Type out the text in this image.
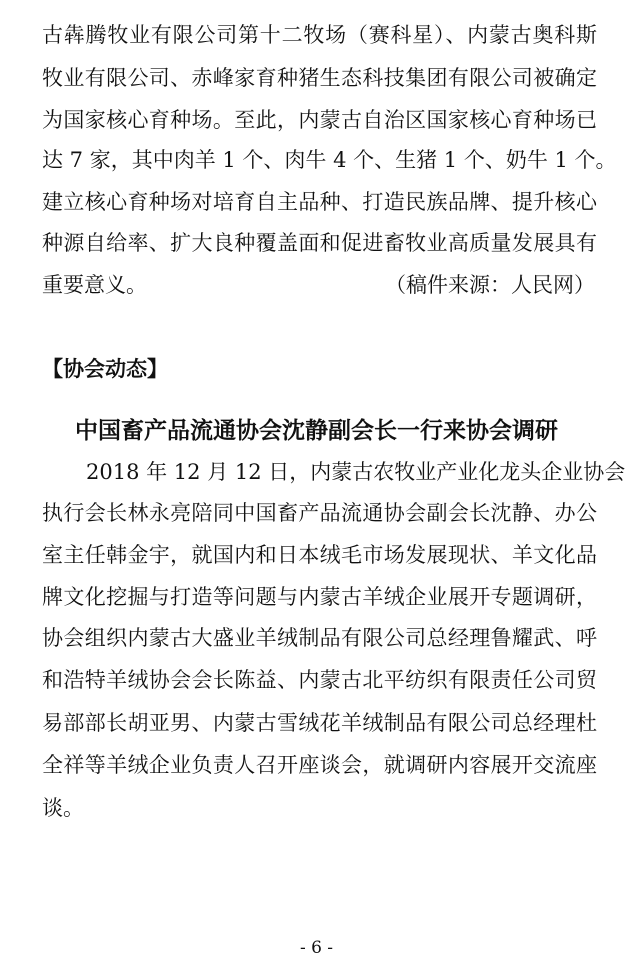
古犇腾牧业有限公司第十二牧场（赛科星）、内蒙古奥科斯
牧业有限公司、赤峰家育种猪生态科技集团有限公司被确定
为国家核心育种场。至此，内蒙古自治区国家核心育种场已
达 7 家，其中肉羊 1 个、肉牛 4 个、生猪 1 个、奶牛 1 个。
建立核心育种场对培育自主品种、打造民族品牌、提升核心
种源自给率、扩大良种覆盖面和促进畜牧业高质量发展具有
重要意义。	（稿件来源：人民网）
【协会动态】
中国畜产品流通协会沈静副会长一行来协会调研
2018 年 12 月 12 日，内蒙古农牧业产业化龙头企业协会
执行会长林永亮陪同中国畜产品流通协会副会长沈静、办公
室主任韩金宇，就国内和日本绒毛市场发展现状、羊文化品
牌文化挖掘与打造等问题与内蒙古羊绒企业展开专题调研，
协会组织内蒙古大盛业羊绒制品有限公司总经理鲁耀武、呼
和浩特羊绒协会会长陈益、内蒙古北平纺织有限责任公司贸
易部部长胡亚男、内蒙古雪绒花羊绒制品有限公司总经理杜
全祥等羊绒企业负责人召开座谈会，就调研内容展开交流座
谈。
- 6 -
